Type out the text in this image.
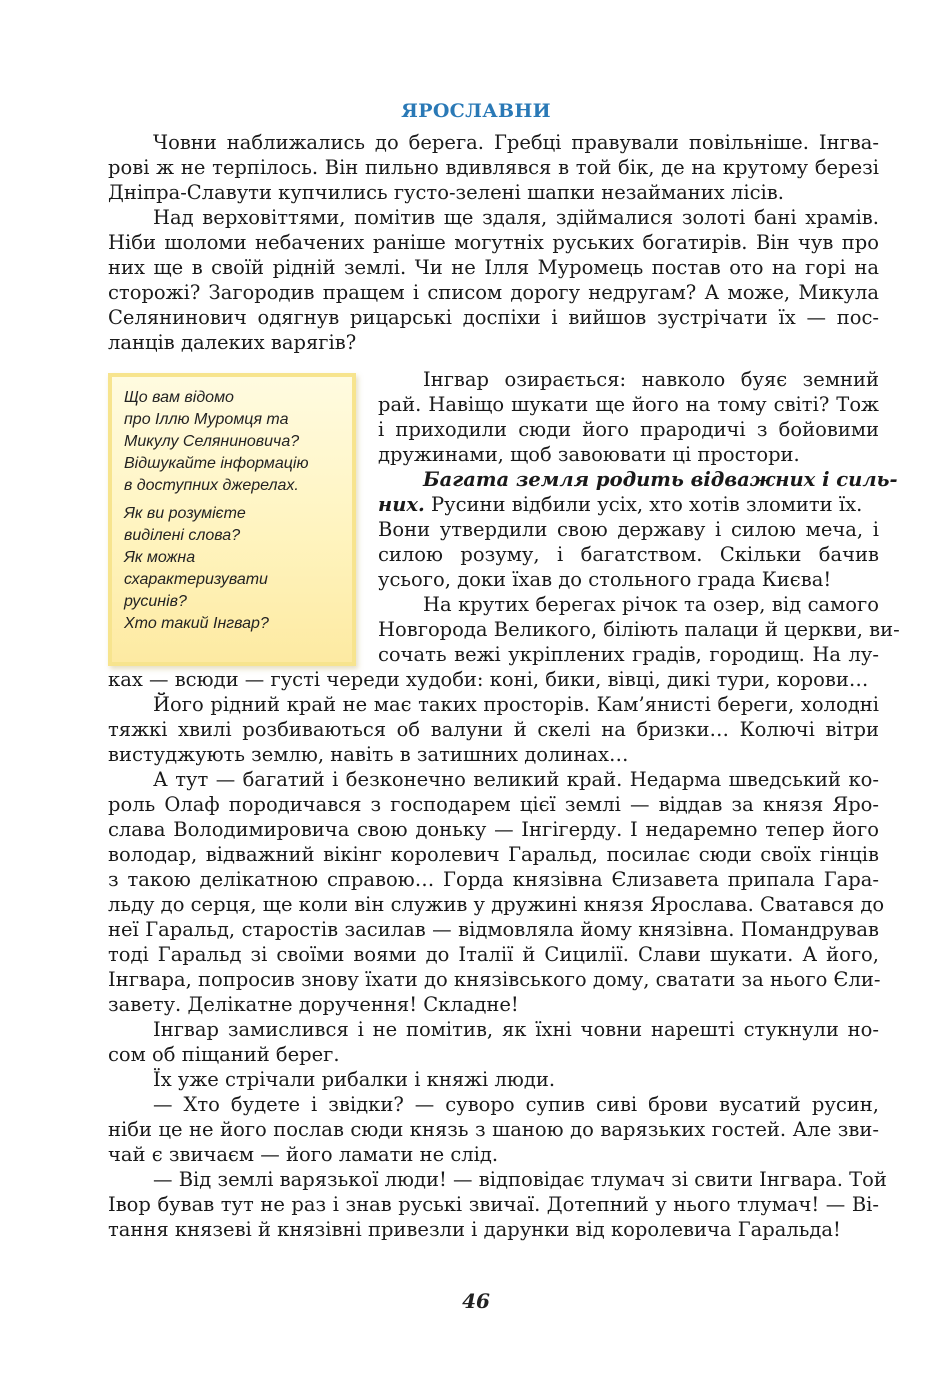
ЯРОСЛАВНИ
Човни наближались до берега. Гребці правували повільніше. Інгва-
рові ж не терпілось. Він пильно вдивлявся в той бік, де на крутому березі
Дніпра-Славути купчились густо-зелені шапки незайманих лісів.
Над верховіттями, помітив ще здаля, здіймалися золоті бані храмів.
Ніби шоломи небачених раніше могутніх руських богатирів. Він чув про
них ще в своїй рідній землі. Чи не Ілля Муромець постав ото на горі на
сторожі? Загородив пращем і списом дорогу недругам? А може, Микула
Селянинович одягнув рицарські доспіхи і вийшов зустрічати їх — пос-
ланців далеких варягів?
Інгвар озирається: навколо буяє земний
рай. Навіщо шукати ще його на тому світі? Тож
і приходили сюди його прародичі з бойовими
дружинами, щоб завоювати ці простори.
Багата земля родить відважних і силь-
них. Русини відбили усіх, хто хотів зломити їх.
Вони утвердили свою державу і силою меча, і
силою розуму, і багатством. Скільки бачив
усього, доки їхав до стольного града Києва!
На крутих берегах річок та озер, від самого
Новгорода Великого, біліють палаци й церкви, ви-
сочать вежі укріплених градів, городищ. На лу-
ках — всюди — густі череди худоби: коні, бики, вівці, дикі тури, корови…
Його рідний край не має таких просторів. Кам’янисті береги, холодні
тяжкі хвилі розбиваються об валуни й скелі на бризки… Колючі вітри
вистуджують землю, навіть в затишних долинах…
А тут — багатий і безконечно великий край. Недарма шведський ко-
роль Олаф породичався з господарем цієї землі — віддав за князя Яро-
слава Володимировича свою доньку — Інгігерду. І недаремно тепер його
володар, відважний вікінг королевич Гаральд, посилає сюди своїх гінців
з такою делікатною справою… Горда князівна Єлизавета припала Гара-
льду до серця, ще коли він служив у дружині князя Ярослава. Сватався до
неї Гаральд, старостів засилав — відмовляла йому князівна. Помандрував
тоді Гаральд зі своїми воями до Італії й Сицилії. Слави шукати. А його,
Інгвара, попросив знову їхати до князівського дому, сватати за нього Єли-
завету. Делікатне доручення! Складне!
Інгвар замислився і не помітив, як їхні човни нарешті стукнули но-
сом об піщаний берег.
Їх уже стрічали рибалки і княжі люди.
— Хто будете і звідки? — суворо супив сиві брови вусатий русин,
ніби це не його послав сюди князь з шаною до варязьких гостей. Але зви-
чай є звичаєм — його ламати не слід.
— Від землі варязької люди! — відповідає тлумач зі свити Інгвара. Той
Івор бував тут не раз і знав руські звичаї. Дотепний у нього тлумач! — Ві-
тання князеві й князівні привезли і дарунки від королевича Гаральда!
Що вам відомо
про Іллю Муромця та
Микулу Селяниновича?
Відшукайте інформацію
в доступних джерелах.
Як ви розумієте
виділені слова?
Як можна
схарактеризувати
русинів?
Хто такий Інгвар?
46
